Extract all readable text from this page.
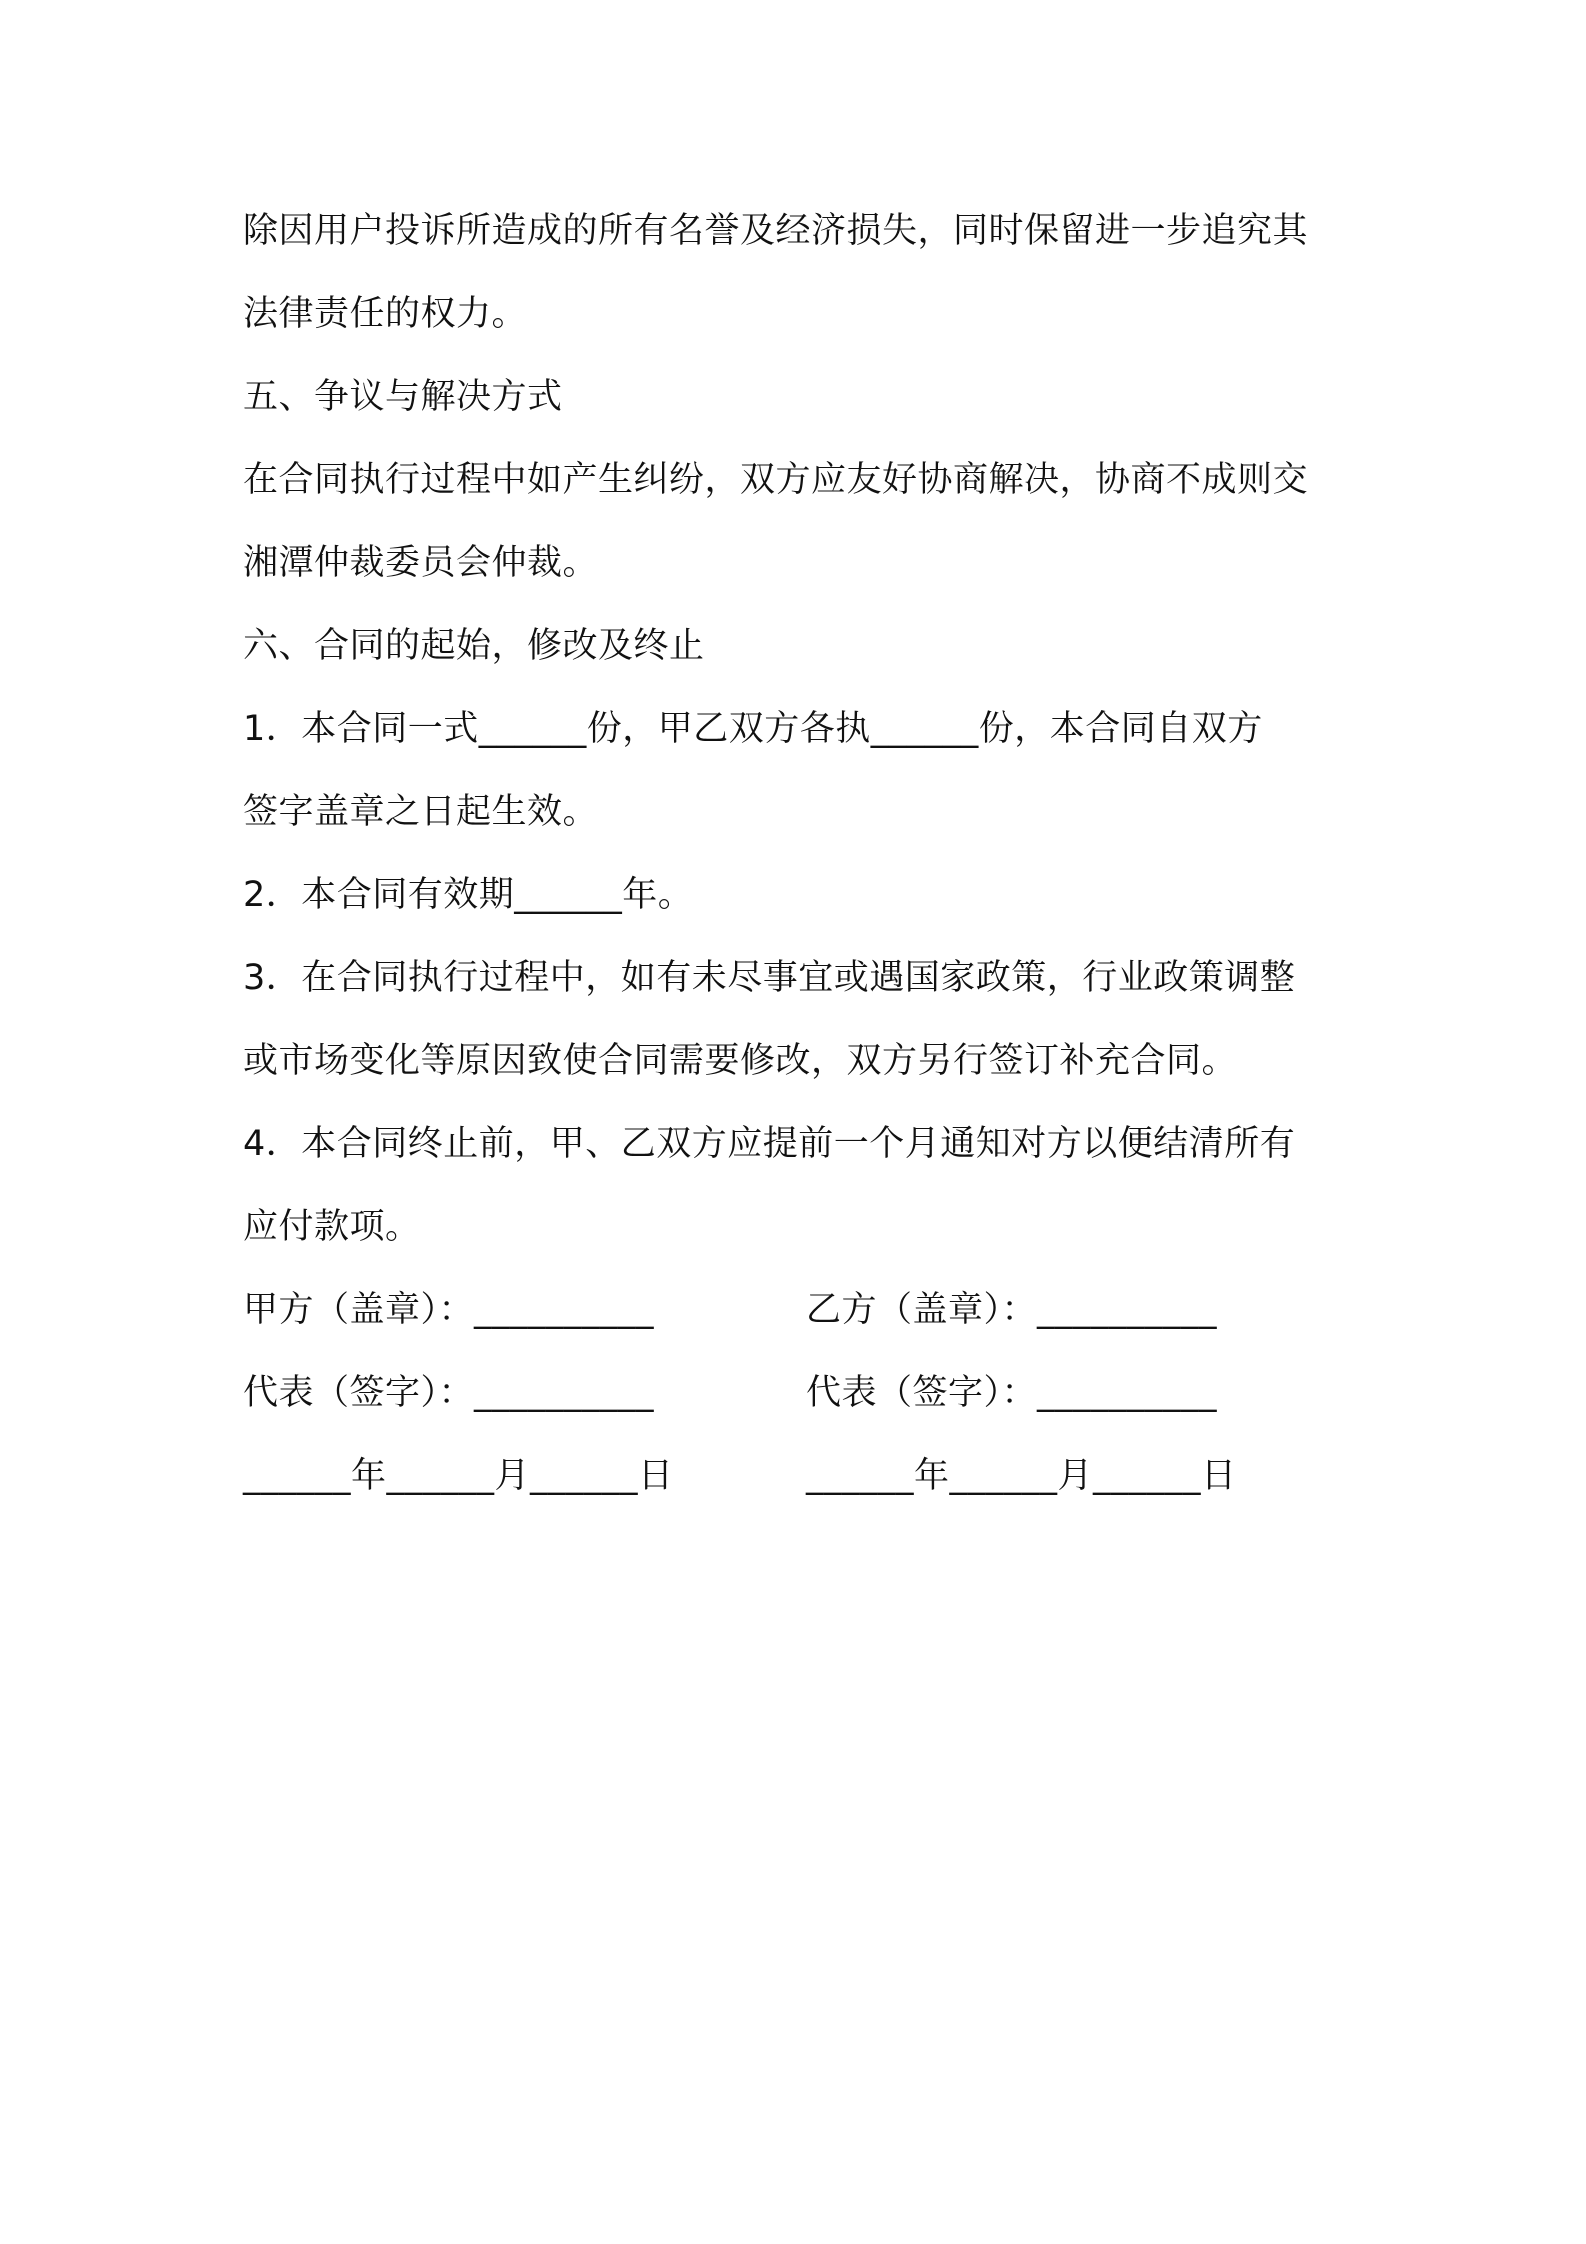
除因用户投诉所造成的所有名誉及经济损失，同时保留进一步追究其
法律责任的权力。
五、争议与解决方式
在合同执行过程中如产生纠纷，双方应友好协商解决，协商不成则交
湘潭仲裁委员会仲裁。
六、合同的起始，修改及终止
1．本合同一式______份，甲乙双方各执______份，本合同自双方
签字盖章之日起生效。
2．本合同有效期______年。
3．在合同执行过程中，如有未尽事宜或遇国家政策，行业政策调整
或市场变化等原因致使合同需要修改，双方另行签订补充合同。
4．本合同终止前，甲、乙双方应提前一个月通知对方以便结清所有
应付款项。
甲方（盖章）：__________	乙方（盖章）：__________
代表（签字）：__________	代表（签字）：__________
______年______月______日	______年______月______日
